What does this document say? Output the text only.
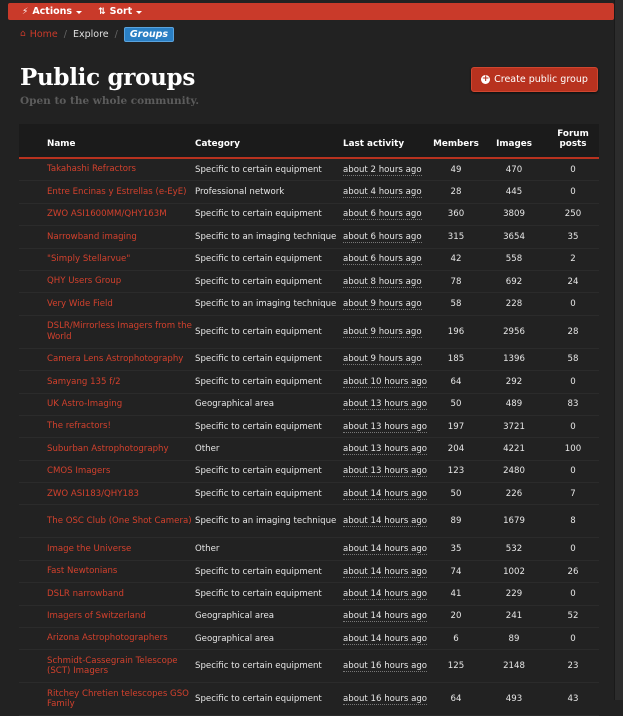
⚡︎ Actions	⇅ Sort
⌂ Home / Explore /	Groups
Public groups
Open to the whole community.
+ Create public group
Name	Category	Last activity	Members	Images	Forum posts
Takahashi Refractors	Specific to certain equipment	about 2 hours ago	49	470	0
Entre Encinas y Estrellas (e-EyE)	Professional network	about 4 hours ago	28	445	0
ZWO ASI1600MM/QHY163M	Specific to certain equipment	about 6 hours ago	360	3809	250
Narrowband imaging	Specific to an imaging technique	about 6 hours ago	315	3654	35
"Simply Stellarvue"	Specific to certain equipment	about 6 hours ago	42	558	2
QHY Users Group	Specific to certain equipment	about 8 hours ago	78	692	24
Very Wide Field	Specific to an imaging technique	about 9 hours ago	58	228	0
DSLR/Mirrorless Imagers from the World	Specific to certain equipment	about 9 hours ago	196	2956	28
Camera Lens Astrophotography	Specific to certain equipment	about 9 hours ago	185	1396	58
Samyang 135 f/2	Specific to certain equipment	about 10 hours ago	64	292	0
UK Astro-Imaging	Geographical area	about 13 hours ago	50	489	83
The refractors!	Specific to certain equipment	about 13 hours ago	197	3721	0
Suburban Astrophotography	Other	about 13 hours ago	204	4221	100
CMOS Imagers	Specific to certain equipment	about 13 hours ago	123	2480	0
ZWO ASI183/QHY183	Specific to certain equipment	about 14 hours ago	50	226	7
The OSC Club (One Shot Camera)	Specific to an imaging technique	about 14 hours ago	89	1679	8
Image the Universe	Other	about 14 hours ago	35	532	0
Fast Newtonians	Specific to certain equipment	about 14 hours ago	74	1002	26
DSLR narrowband	Specific to certain equipment	about 14 hours ago	41	229	0
Imagers of Switzerland	Geographical area	about 14 hours ago	20	241	52
Arizona Astrophotographers	Geographical area	about 14 hours ago	6	89	0
Schmidt-Cassegrain Telescope (SCT) Imagers	Specific to certain equipment	about 16 hours ago	125	2148	23
Ritchey Chretien telescopes GSO Family	Specific to certain equipment	about 16 hours ago	64	493	43
